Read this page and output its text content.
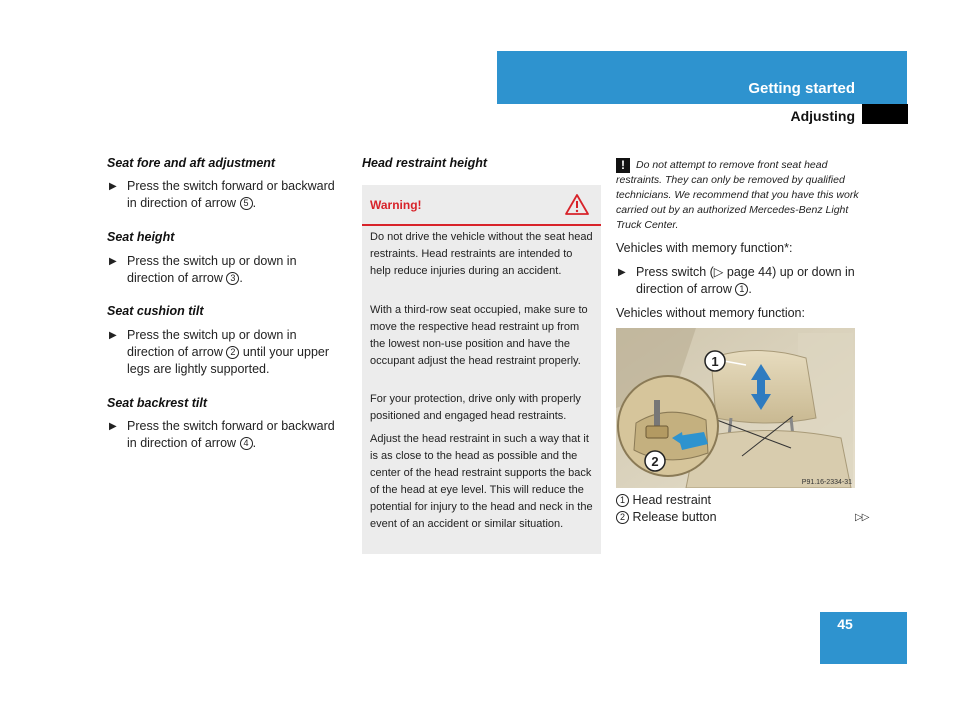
Getting started
Adjusting
Seat fore and aft adjustment
▶ Press the switch forward or backward in direction of arrow 5 .
Seat height
▶ Press the switch up or down in direction of arrow 3 .
Seat cushion tilt
▶ Press the switch up or down in direction of arrow 2 until your upper legs are lightly supported.
Seat backrest tilt
▶ Press the switch forward or backward in direction of arrow 4 .
Head restraint height
Warning!
Do not drive the vehicle without the seat head restraints. Head restraints are intended to help reduce injuries during an accident.
With a third-row seat occupied, make sure to move the respective head restraint up from the lowest non-use position and have the occupant adjust the head restraint properly.
For your protection, drive only with properly positioned and engaged head restraints.
Adjust the head restraint in such a way that it is as close to the head as possible and the center of the head restraint supports the back of the head at eye level. This will reduce the potential for injury to the head and neck in the event of an accident or similar situation.
! Do not attempt to remove front seat head restraints. They can only be removed by qualified technicians. We recommend that you have this work carried out by an authorized Mercedes-Benz Light Truck Center.
Vehicles with memory function*:
▶ Press switch (▷ page 44) up or down in direction of arrow 1 .
Vehicles without memory function:
1
2
P91.16-2334-31
1 Head restraint
2 Release button	▷▷
45
